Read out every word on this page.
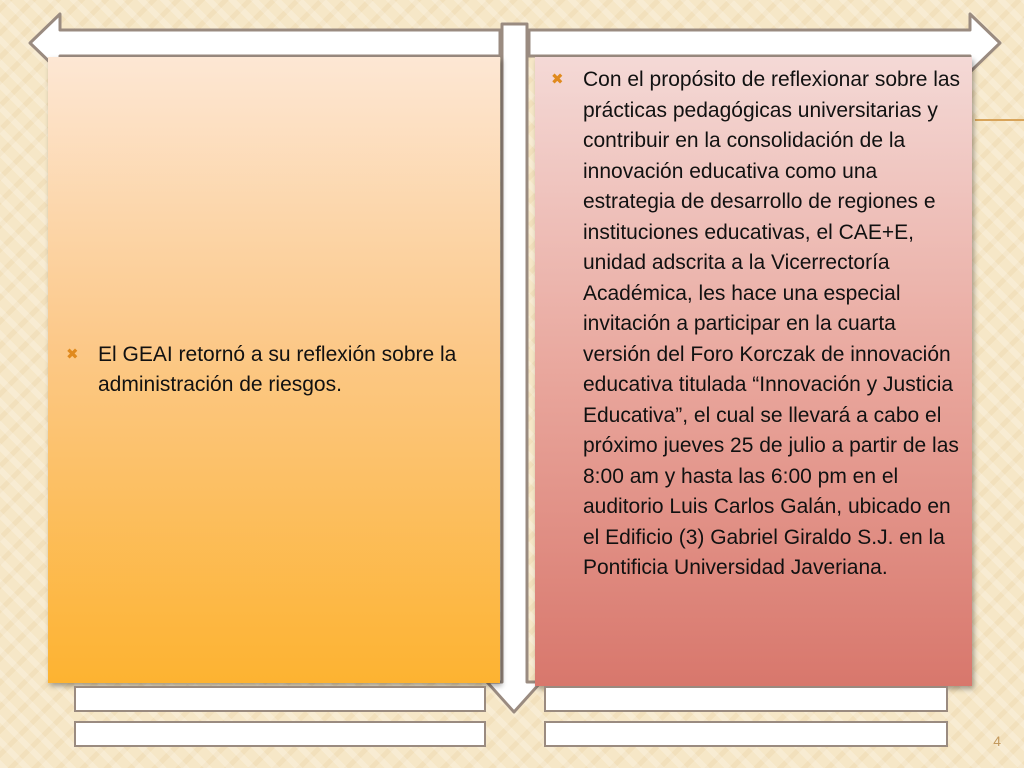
✖ El GEAI retornó a su reflexión sobre la administración de riesgos.
✖ Con el propósito de reflexionar sobre las prácticas pedagógicas universitarias y contribuir en la consolidación de la innovación educativa como una estrategia de desarrollo de regiones e instituciones educativas, el CAE+E, unidad adscrita a la Vicerrectoría Académica, les hace una especial invitación a participar en la cuarta versión del Foro Korczak de innovación educativa titulada “Innovación y Justicia Educativa”, el cual se llevará a cabo el próximo jueves 25 de julio a partir de las 8:00 am y hasta las 6:00 pm en el auditorio Luis Carlos Galán, ubicado en el Edificio (3) Gabriel Giraldo S.J. en la Pontificia Universidad Javeriana.
4
